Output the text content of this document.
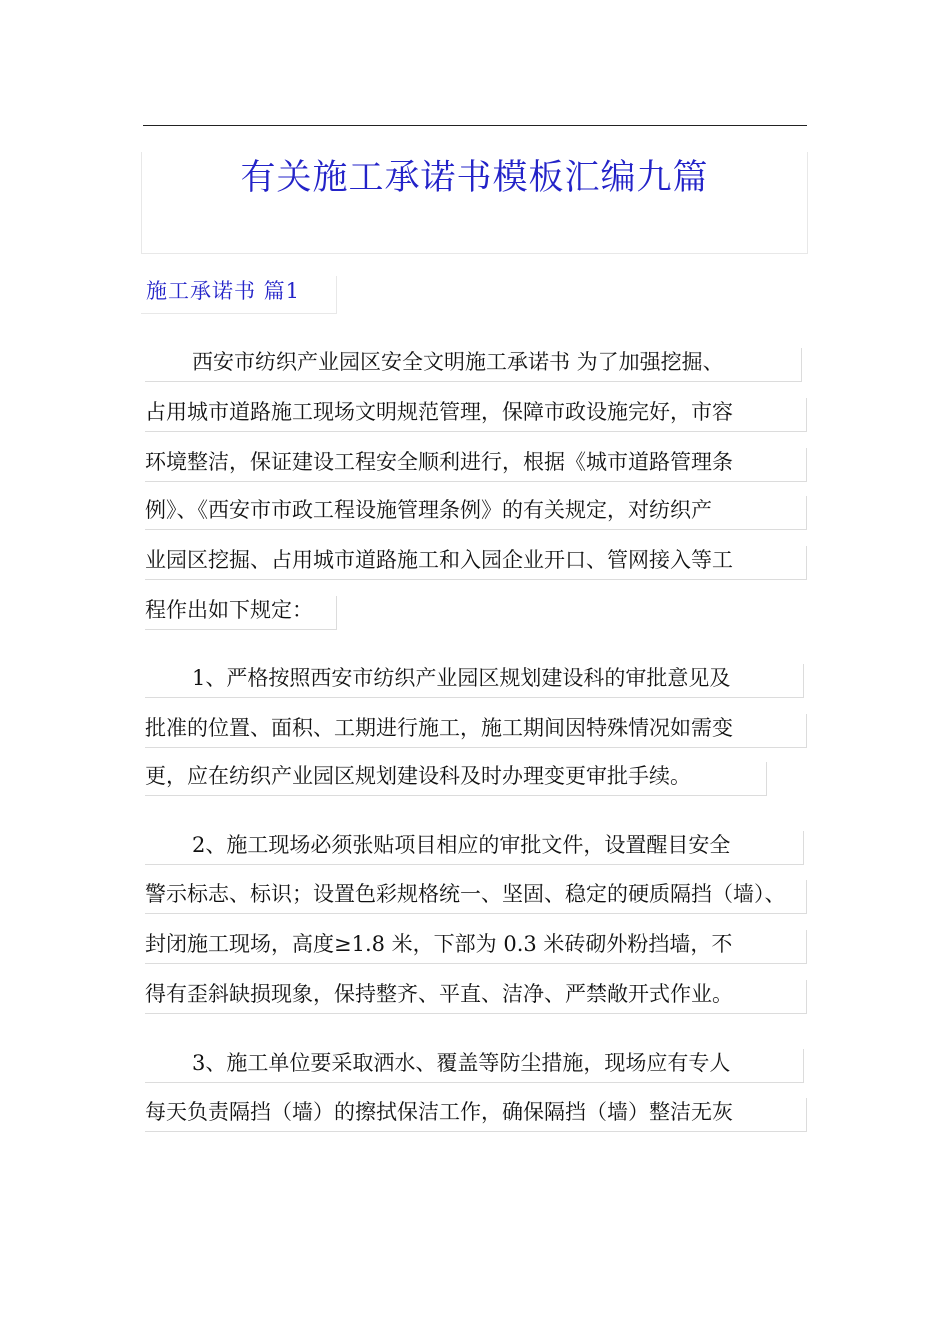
有关施工承诺书模板汇编九篇
施工承诺书 篇1
西安市纺织产业园区安全文明施工承诺书 为了加强挖掘、
占用城市道路施工现场文明规范管理，保障市政设施完好，市容
环境整洁，保证建设工程安全顺利进行，根据《城市道路管理条
例》、《西安市市政工程设施管理条例》的有关规定，对纺织产
业园区挖掘、占用城市道路施工和入园企业开口、管网接入等工
程作出如下规定：
1、严格按照西安市纺织产业园区规划建设科的审批意见及
批准的位置、面积、工期进行施工，施工期间因特殊情况如需变
更，应在纺织产业园区规划建设科及时办理变更审批手续。
2、施工现场必须张贴项目相应的审批文件，设置醒目安全
警示标志、标识；设置色彩规格统一、坚固、稳定的硬质隔挡（墙）、
封闭施工现场，高度≥1.8 米，下部为 0.3 米砖砌外粉挡墙，不
得有歪斜缺损现象，保持整齐、平直、洁净、严禁敞开式作业。
3、施工单位要采取洒水、覆盖等防尘措施，现场应有专人
每天负责隔挡（墙）的擦拭保洁工作，确保隔挡（墙）整洁无灰
